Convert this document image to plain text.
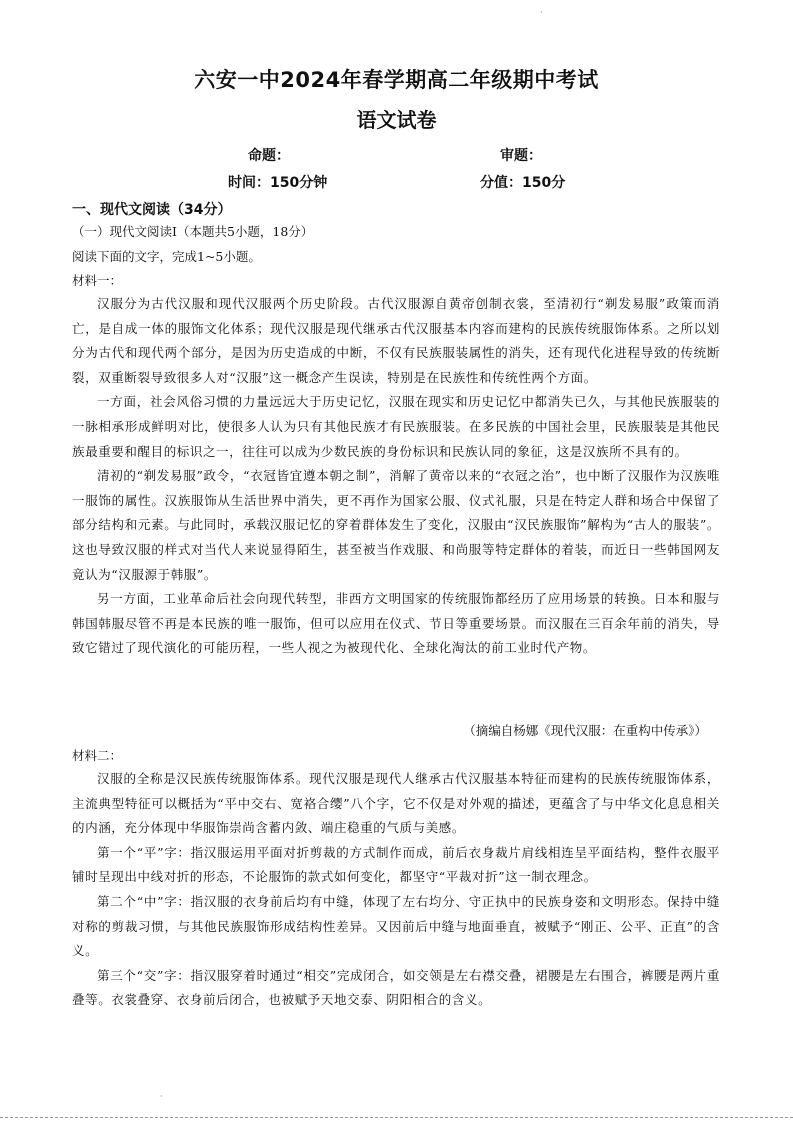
·
六安一中2024年春学期高二年级期中考试
语文试卷
命题：	审题：
时间：150分钟	分值：150分
一、现代文阅读（34分）
（一）现代文阅读Ⅰ（本题共5小题，18分）
阅读下面的文字，完成1~5小题。
材料一：

汉服分为古代汉服和现代汉服两个历史阶段。古代汉服源自黄帝创制衣裳，至清初行“剃发易服”政策而消亡，是自成一体的服饰文化体系；现代汉服是现代继承古代汉服基本内容而建构的民族传统服饰体系。之所以划分为古代和现代两个部分，是因为历史造成的中断，不仅有民族服装属性的消失，还有现代化进程导致的传统断裂，双重断裂导致很多人对“汉服”这一概念产生误读，特别是在民族性和传统性两个方面。

一方面，社会风俗习惯的力量远远大于历史记忆，汉服在现实和历史记忆中都消失已久，与其他民族服装的一脉相承形成鲜明对比，使很多人认为只有其他民族才有民族服装。在多民族的中国社会里，民族服装是其他民族最重要和醒目的标识之一，往往可以成为少数民族的身份标识和民族认同的象征，这是汉族所不具有的。

清初的“剃发易服”政令，“衣冠皆宜遵本朝之制”，消解了黄帝以来的“衣冠之治”，也中断了汉服作为汉族唯一服饰的属性。汉族服饰从生活世界中消失，更不再作为国家公服、仪式礼服，只是在特定人群和场合中保留了部分结构和元素。与此同时，承载汉服记忆的穿着群体发生了变化，汉服由“汉民族服饰”解构为“古人的服装”。这也导致汉服的样式对当代人来说显得陌生，甚至被当作戏服、和尚服等特定群体的着装，而近日一些韩国网友竟认为“汉服源于韩服”。

另一方面，工业革命后社会向现代转型，非西方文明国家的传统服饰都经历了应用场景的转换。日本和服与韩国韩服尽管不再是本民族的唯一服饰，但可以应用在仪式、节日等重要场景。而汉服在三百余年前的消失，导致它错过了现代演化的可能历程，一些人视之为被现代化、全球化淘汰的前工业时代产物。

（摘编自杨娜《现代汉服：在重构中传承》）
材料二：

汉服的全称是汉民族传统服饰体系。现代汉服是现代人继承古代汉服基本特征而建构的民族传统服饰体系，主流典型特征可以概括为“平中交右、宽袼合缨”八个字，它不仅是对外观的描述，更蕴含了与中华文化息息相关的内涵，充分体现中华服饰崇尚含蓄内敛、端庄稳重的气质与美感。

第一个“平”字：指汉服运用平面对折剪裁的方式制作而成，前后衣身裁片肩线相连呈平面结构，整件衣服平铺时呈现出中线对折的形态，不论服饰的款式如何变化，都坚守“平裁对折”这一制衣理念。

第二个“中”字：指汉服的衣身前后均有中缝，体现了左右均分、守正执中的民族身姿和文明形态。保持中缝对称的剪裁习惯，与其他民族服饰形成结构性差异。又因前后中缝与地面垂直，被赋予“刚正、公平、正直”的含义。

第三个“交”字：指汉服穿着时通过“相交”完成闭合，如交领是左右襟交叠，裙腰是左右围合，裤腰是两片重叠等。衣裳叠穿、衣身前后闭合，也被赋予天地交泰、阴阳相合的含义。

·
